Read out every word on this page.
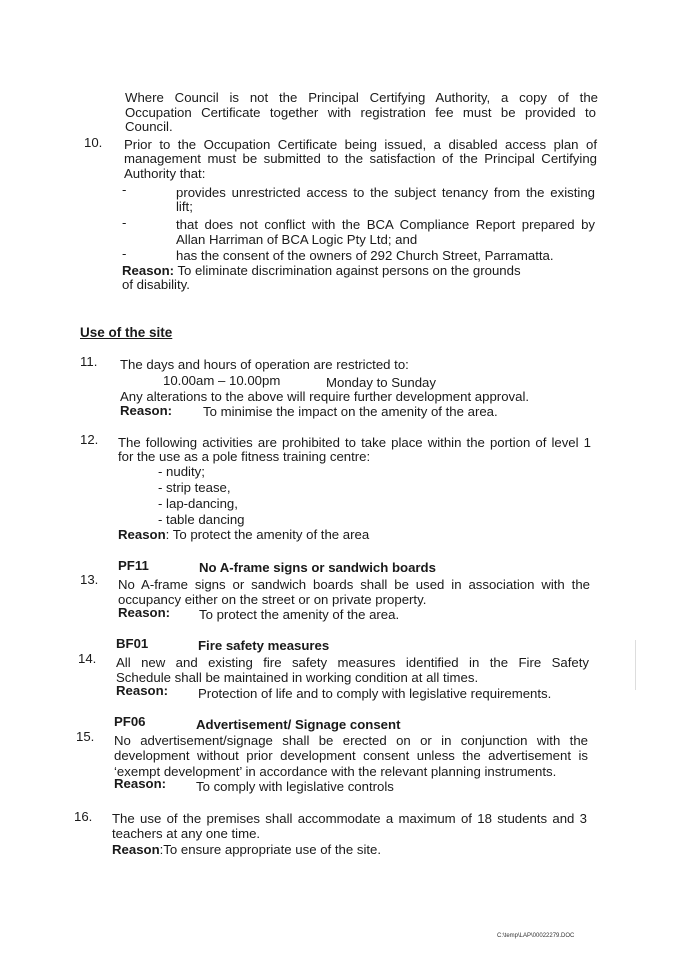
Where Council is not the Principal Certifying Authority, a copy of the
Occupation Certificate together with registration fee must be provided to
Council.
10. Prior to the Occupation Certificate being issued, a disabled access plan of
management must be submitted to the satisfaction of the Principal Certifying
Authority that:
-	provides unrestricted access to the subject tenancy from the existing
lift;
-	that does not conflict with the BCA Compliance Report prepared by
Allan Harriman of BCA Logic Pty Ltd; and
-	has the consent of the owners of 292 Church Street, Parramatta.
Reason: To eliminate discrimination against persons on the grounds
of disability.
Use of the site
11. The days and hours of operation are restricted to:
10.00am – 10.00pm	Monday to Sunday
Any alterations to the above will require further development approval.
Reason: To minimise the impact on the amenity of the area.
12. The following activities are prohibited to take place within the portion of level 1
for the use as a pole fitness training centre:
- nudity;
- strip tease,
- lap-dancing,
- table dancing
Reason: To protect the amenity of the area
PF11	No A-frame signs or sandwich boards
13. No A-frame signs or sandwich boards shall be used in association with the
occupancy either on the street or on private property.
Reason: To protect the amenity of the area.
BF01	Fire safety measures
14. All new and existing fire safety measures identified in the Fire Safety
Schedule shall be maintained in working condition at all times.
Reason: Protection of life and to comply with legislative requirements.
PF06	Advertisement/ Signage consent
15. No advertisement/signage shall be erected on or in conjunction with the
development without prior development consent unless the advertisement is
‘exempt development’ in accordance with the relevant planning instruments.
Reason: To comply with legislative controls
16. The use of the premises shall accommodate a maximum of 18 students and 3
teachers at any one time.
Reason:To ensure appropriate use of the site.
C:\temp\LAP\00022279.DOC
